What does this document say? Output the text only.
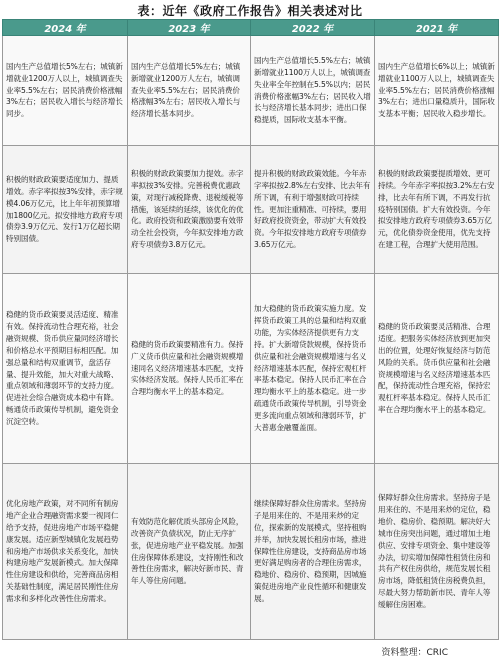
表：近年《政府工作报告》相关表述对比
2024 年	2023 年	2022 年	2021 年
国内生产总值增长5%左右；城镇新增就业1200万人以上，城镇调查失业率5.5%左右；居民消费价格涨幅3%左右；居民收入增长与经济增长同步。	国内生产总值增长5%左右；城镇新增就业1200万人左右，城镇调查失业率5.5%左右；居民消费价格涨幅3%左右；居民收入增长与经济增长基本同步。	国内生产总值增长5.5%左右；城镇新增就业1100万人以上，城镇调查失业率全年控制在5.5%以内；居民消费价格涨幅3%左右；居民收入增长与经济增长基本同步；进出口保稳提质，国际收支基本平衡。	国内生产总值增长6%以上；城镇新增就业1100万人以上，城镇调查失业率5.5%左右；居民消费价格涨幅3%左右；进出口量稳质升，国际收支基本平衡；居民收入稳步增长。
积极的财政政策要适度加力、提质增效。赤字率拟按3%安排，赤字规模4.06万亿元，比上年年初预算增加1800亿元。拟安排地方政府专项债券3.9万亿元、发行1万亿超长期特别国债。	积极的财政政策要加力提效。赤字率拟按3%安排。完善税费优惠政策，对现行减税降费、退税缓税等措施，该延续的延续，该优化的优化。政府投资和政策激励要有效带动全社会投资，今年拟安排地方政府专项债券3.8万亿元。	提升积极的财政政策效能。今年赤字率拟按2.8%左右安排、比去年有所下调，有利于增强财政可持续性。更加注重精准、可持续，要用好政府投资资金，带动扩大有效投资。今年拟安排地方政府专项债券3.65万亿元。	积极的财政政策要提质增效、更可持续。今年赤字率拟按3.2%左右安排，比去年有所下调，不再发行抗疫特别国债。扩大有效投资。今年拟安排地方政府专项债券3.65万亿元，优化债券资金使用，优先支持在建工程，合理扩大使用范围。
稳健的货币政策要灵活适度、精准有效。保持流动性合理充裕，社会融资规模、货币供应量同经济增长和价格总水平预期目标相匹配。加强总量和结构双重调节，盘活存量、提升效能，加大对重大战略、重点领域和薄弱环节的支持力度。促进社会综合融资成本稳中有降。畅通货币政策传导机制，避免资金沉淀空转。	稳健的货币政策要精准有力。保持广义货币供应量和社会融资规模增速同名义经济增速基本匹配，支持实体经济发展。保持人民币汇率在合理均衡水平上的基本稳定。	加大稳健的货币政策实施力度。发挥货币政策工具的总量和结构双重功能，为实体经济提供更有力支持。扩大新增贷款规模，保持货币供应量和社会融资规模增速与名义经济增速基本匹配，保持宏观杠杆率基本稳定。保持人民币汇率在合理均衡水平上的基本稳定。进一步疏通货币政策传导机制，引导资金更多流向重点领域和薄弱环节，扩大普惠金融覆盖面。	稳健的货币政策要灵活精准、合理适度。把服务实体经济放到更加突出的位置，处理好恢复经济与防范风险的关系。货币供应量和社会融资规模增速与名义经济增速基本匹配，保持流动性合理充裕，保持宏观杠杆率基本稳定。保持人民币汇率在合理均衡水平上的基本稳定。
优化房地产政策，对不同所有制房地产企业合理融资需求要一视同仁给予支持，促进房地产市场平稳健康发展。适应新型城镇化发展趋势和房地产市场供求关系变化，加快构建房地产发展新模式。加大保障性住房建设和供给，完善商品房相关基础性制度，满足居民刚性住房需求和多样化改善性住房需求。	有效防范化解优质头部房企风险，改善资产负债状况，防止无序扩张，促进房地产业平稳发展。加强住房保障体系建设，支持刚性和改善性住房需求，解决好新市民、青年人等住房问题。	继续保障好群众住房需求。坚持房子是用来住的、不是用来炒的定位，探索新的发展模式，坚持租购并举，加快发展长租房市场，推进保障性住房建设，支持商品房市场更好满足购房者的合理住房需求，稳地价、稳房价、稳预期，因城施策促进房地产业良性循环和健康发展。	保障好群众住房需求。坚持房子是用来住的、不是用来炒的定位，稳地价、稳房价、稳预期。解决好大城市住房突出问题，通过增加土地供应、安排专项资金、集中建设等办法，切实增加保障性租赁住房和共有产权住房供给，规范发展长租房市场，降低租赁住房税费负担，尽最大努力帮助新市民、青年人等缓解住房困难。
资料整理：CRIC
